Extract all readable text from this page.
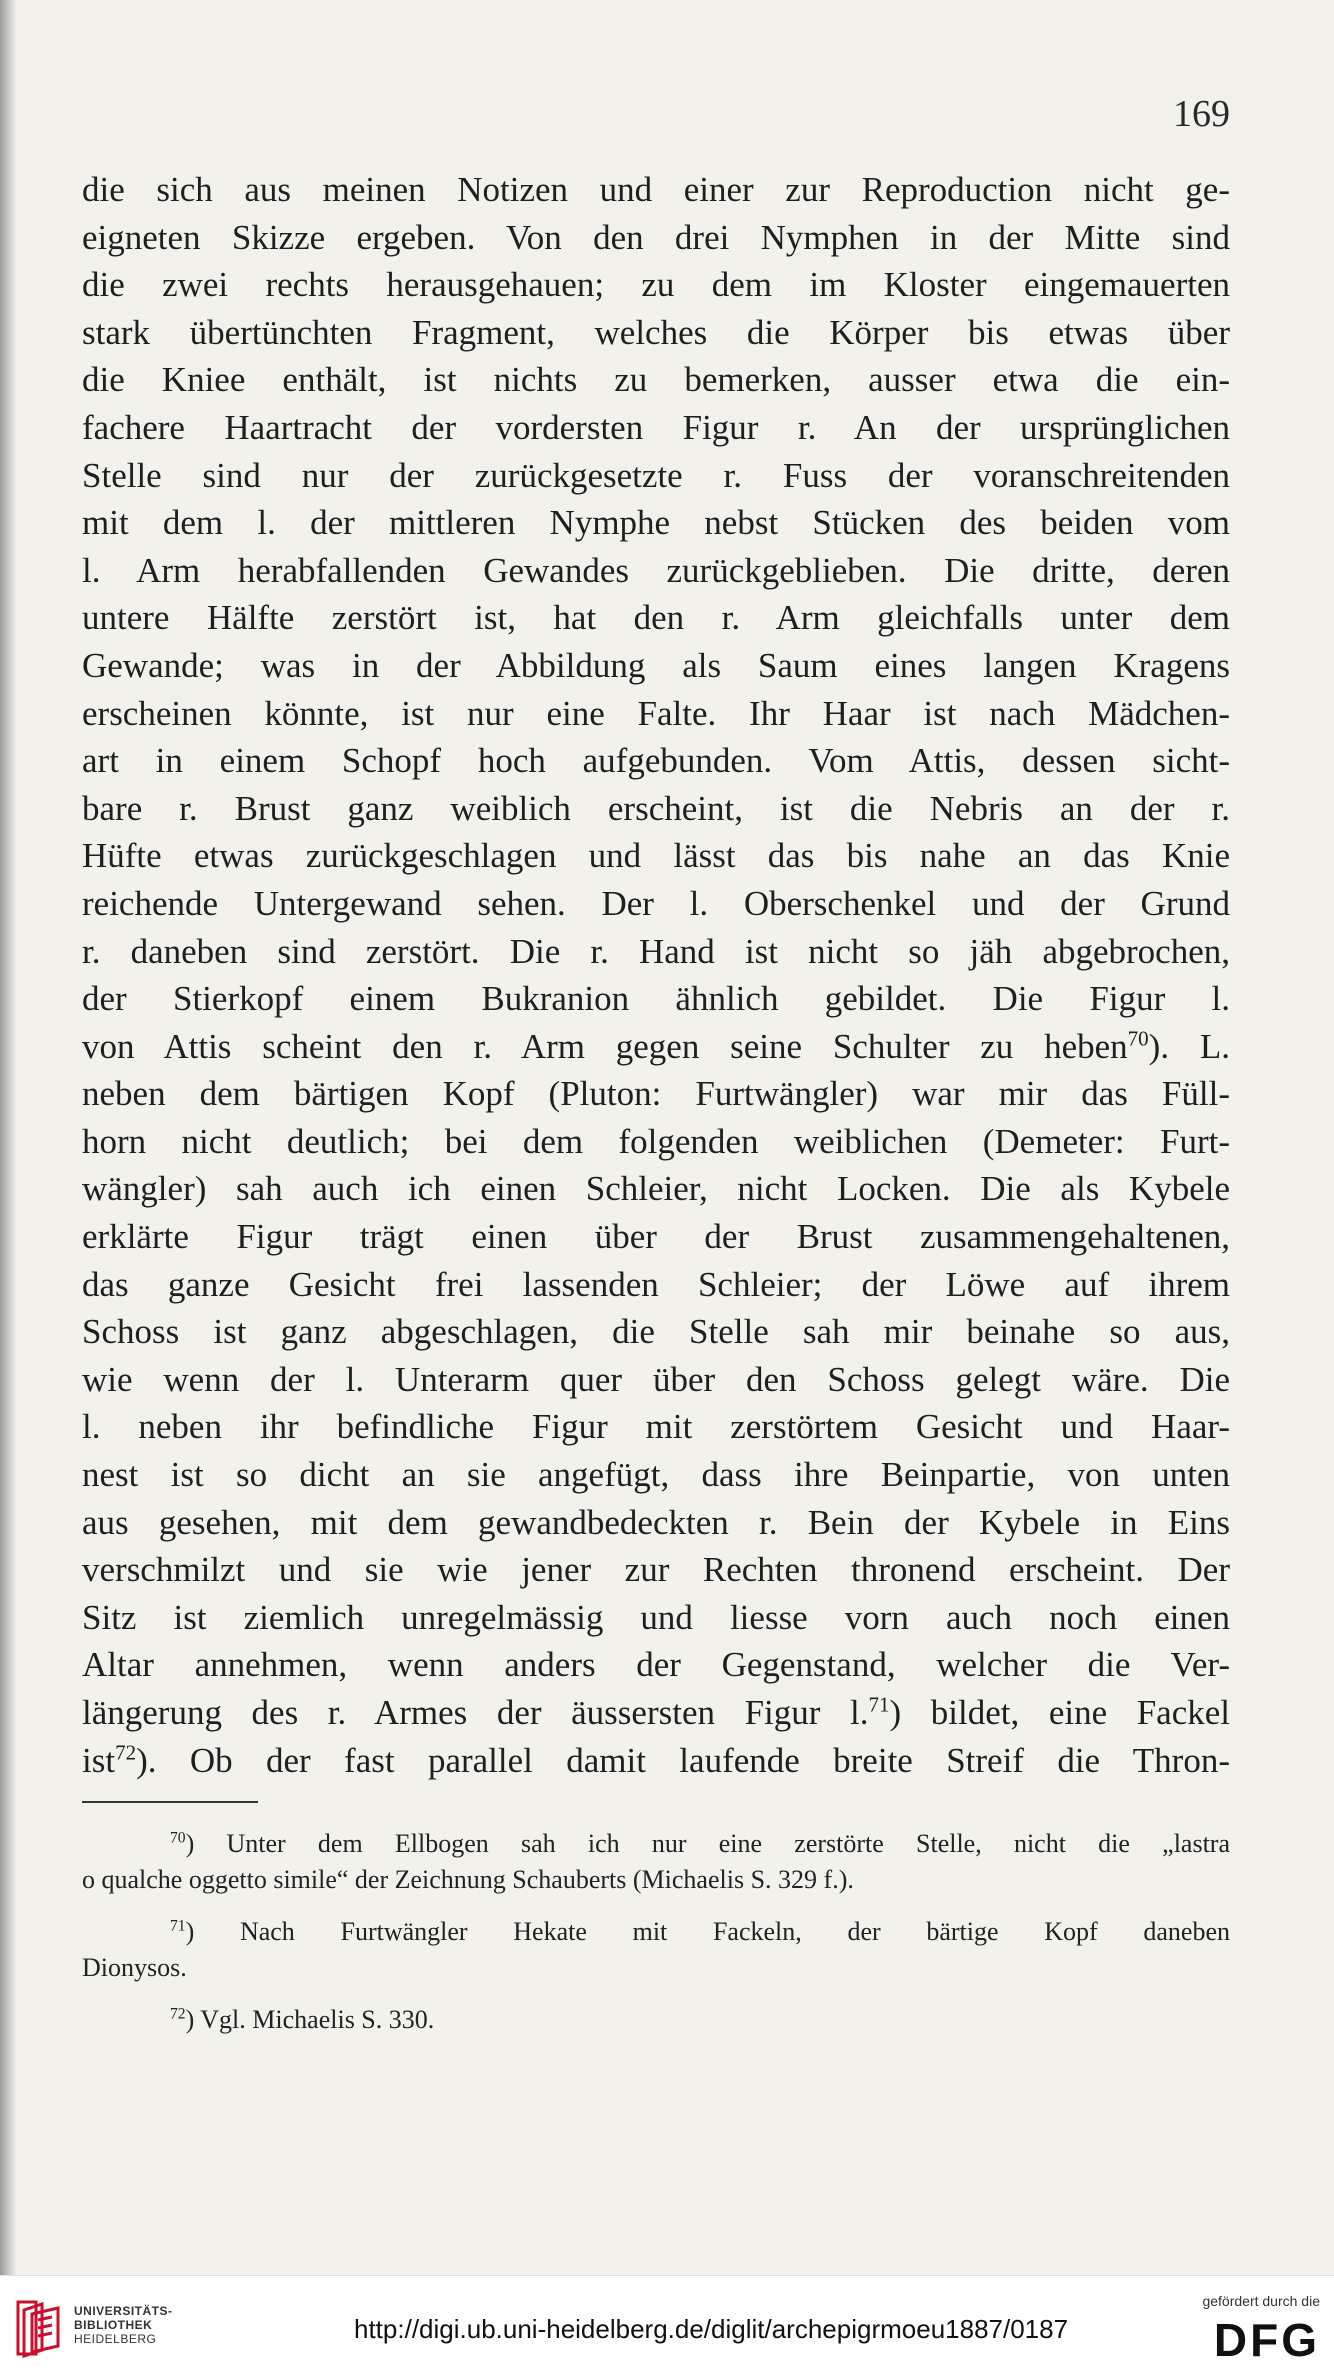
169
die sich aus meinen Notizen und einer zur Reproduction nicht ge-
eigneten Skizze ergeben. Von den drei Nymphen in der Mitte sind
die zwei rechts herausgehauen; zu dem im Kloster eingemauerten
stark übertünchten Fragment, welches die Körper bis etwas über
die Kniee enthält, ist nichts zu bemerken, ausser etwa die ein-
fachere Haartracht der vordersten Figur r. An der ursprünglichen
Stelle sind nur der zurückgesetzte r. Fuss der voranschreitenden
mit dem l. der mittleren Nymphe nebst Stücken des beiden vom
l. Arm herabfallenden Gewandes zurückgeblieben. Die dritte, deren
untere Hälfte zerstört ist, hat den r. Arm gleichfalls unter dem
Gewande; was in der Abbildung als Saum eines langen Kragens
erscheinen könnte, ist nur eine Falte. Ihr Haar ist nach Mädchen-
art in einem Schopf hoch aufgebunden. Vom Attis, dessen sicht-
bare r. Brust ganz weiblich erscheint, ist die Nebris an der r.
Hüfte etwas zurückgeschlagen und lässt das bis nahe an das Knie
reichende Untergewand sehen. Der l. Oberschenkel und der Grund
r. daneben sind zerstört. Die r. Hand ist nicht so jäh abgebrochen,
der Stierkopf einem Bukranion ähnlich gebildet. Die Figur l.
von Attis scheint den r. Arm gegen seine Schulter zu heben$^{70}$). L.
neben dem bärtigen Kopf (Pluton: Furtwängler) war mir das Füll-
horn nicht deutlich; bei dem folgenden weiblichen (Demeter: Furt-
wängler) sah auch ich einen Schleier, nicht Locken. Die als Kybele
erklärte Figur trägt einen über der Brust zusammengehaltenen,
das ganze Gesicht frei lassenden Schleier; der Löwe auf ihrem
Schoss ist ganz abgeschlagen, die Stelle sah mir beinahe so aus,
wie wenn der l. Unterarm quer über den Schoss gelegt wäre. Die
l. neben ihr befindliche Figur mit zerstörtem Gesicht und Haar-
nest ist so dicht an sie angefügt, dass ihre Beinpartie, von unten
aus gesehen, mit dem gewandbedeckten r. Bein der Kybele in Eins
verschmilzt und sie wie jener zur Rechten thronend erscheint. Der
Sitz ist ziemlich unregelmässig und liesse vorn auch noch einen
Altar annehmen, wenn anders der Gegenstand, welcher die Ver-
längerung des r. Armes der äussersten Figur l.$^{71}$) bildet, eine Fackel
ist$^{72}$). Ob der fast parallel damit laufende breite Streif die Thron-
$^{70}$) Unter dem Ellbogen sah ich nur eine zerstörte Stelle, nicht die „lastra
o qualche oggetto simile“ der Zeichnung Schauberts (Michaelis S. 329 f.).
$^{71}$) Nach Furtwängler Hekate mit Fackeln, der bärtige Kopf daneben
Dionysos.
$^{72}$) Vgl. Michaelis S. 330.
UNIVERSITÄTS-
BIBLIOTHEK
HEIDELBERG	http://digi.ub.uni-heidelberg.de/diglit/archepigrmoeu1887/0187
gefördert durch die
DFG
